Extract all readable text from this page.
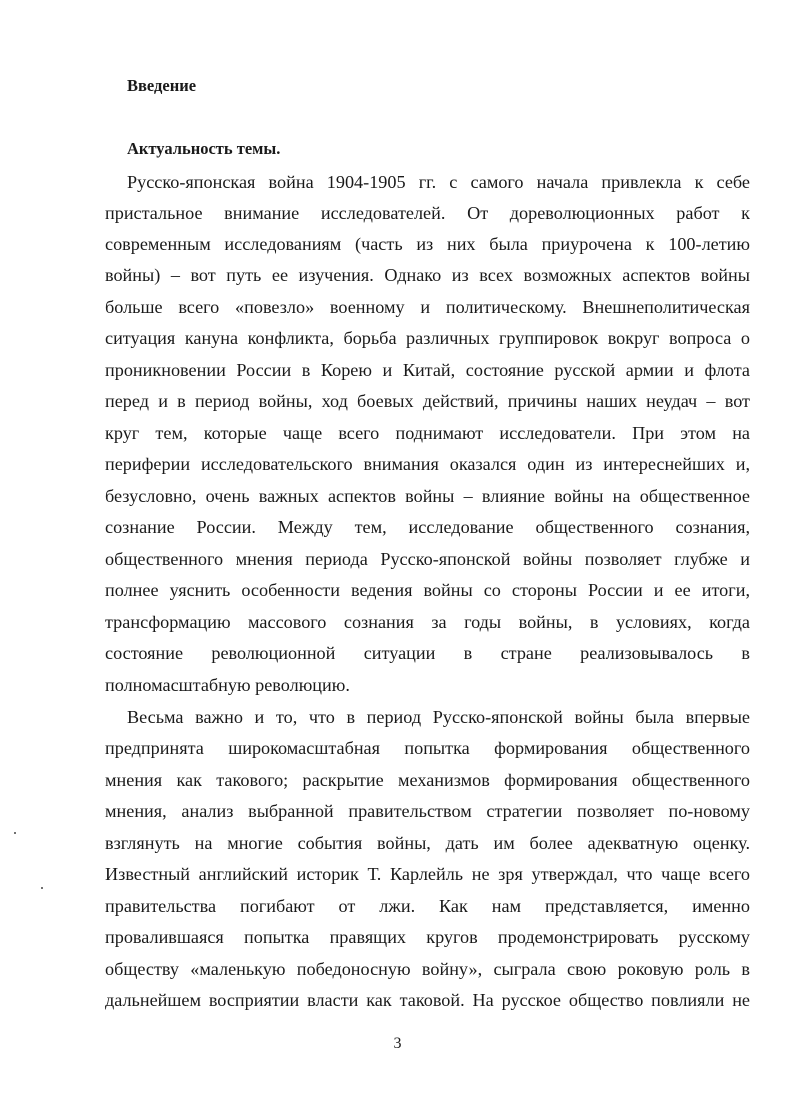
Введение
Актуальность темы.
Русско-японская война 1904-1905 гг. с самого начала привлекла к себе
пристальное внимание исследователей. От дореволюционных работ к
современным исследованиям (часть из них была приурочена к 100-летию
войны) – вот путь ее изучения. Однако из всех возможных аспектов войны
больше всего «повезло» военному и политическому. Внешнеполитическая
ситуация кануна конфликта, борьба различных группировок вокруг вопроса о
проникновении России в Корею и Китай, состояние русской армии и флота
перед и в период войны, ход боевых действий, причины наших неудач – вот
круг тем, которые чаще всего поднимают исследователи. При этом на
периферии исследовательского внимания оказался один из интереснейших и,
безусловно, очень важных аспектов войны – влияние войны на общественное
сознание России. Между тем, исследование общественного сознания,
общественного мнения периода Русско-японской войны позволяет глубже и
полнее уяснить особенности ведения войны со стороны России и ее итоги,
трансформацию массового сознания за годы войны, в условиях, когда
состояние революционной ситуации в стране реализовывалось в
полномасштабную революцию.
Весьма важно и то, что в период Русско-японской войны была впервые
предпринята широкомасштабная попытка формирования общественного
мнения как такового; раскрытие механизмов формирования общественного
мнения, анализ выбранной правительством стратегии позволяет по-новому
взглянуть на многие события войны, дать им более адекватную оценку.
Известный английский историк Т. Карлейль не зря утверждал, что чаще всего
правительства погибают от лжи. Как нам представляется, именно
провалившаяся попытка правящих кругов продемонстрировать русскому
обществу «маленькую победоносную войну», сыграла свою роковую роль в
дальнейшем восприятии власти как таковой. На русское общество повлияли не
3
